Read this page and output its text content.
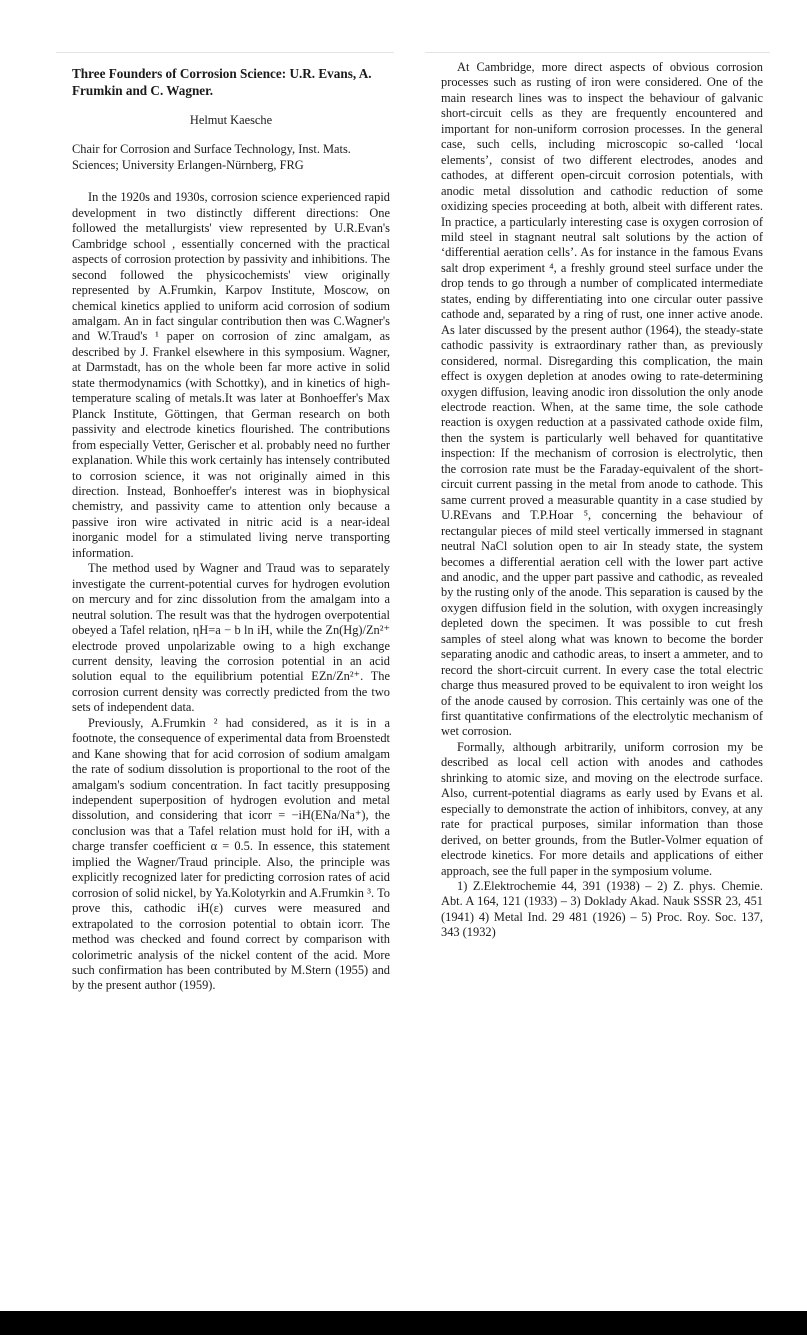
Three Founders of Corrosion Science: U.R. Evans, A. Frumkin and C. Wagner.
Helmut Kaesche
Chair for Corrosion and Surface Technology, Inst. Mats. Sciences; University Erlangen-Nürnberg, FRG

In the 1920s and 1930s, corrosion science experienced rapid development in two distinctly different directions: One followed the metallurgists' view represented by U.R.Evan's Cambridge school , essentially concerned with the practical aspects of corrosion protection by passivity and inhibitions. The second followed the physicochemists' view originally represented by A.Frumkin, Karpov Institute, Moscow, on chemical kinetics applied to uniform acid corrosion of sodium amalgam. An in fact singular contribution then was C.Wagner's and W.Traud's ¹ paper on corrosion of zinc amalgam, as described by J. Frankel elsewhere in this symposium. Wagner, at Darmstadt, has on the whole been far more active in solid state thermodynamics (with Schottky), and in kinetics of high-temperature scaling of metals.It was later at Bonhoeffer's Max Planck Institute, Göttingen, that German research on both passivity and electrode kinetics flourished. The contributions from especially Vetter, Gerischer et al. probably need no further explanation. While this work certainly has intensely contributed to corrosion science, it was not originally aimed in this direction. Instead, Bonhoeffer's interest was in biophysical chemistry, and passivity came to attention only because a passive iron wire activated in nitric acid is a near-ideal inorganic model for a stimulated living nerve transporting information.

The method used by Wagner and Traud was to separately investigate the current-potential curves for hydrogen evolution on mercury and for zinc dissolution from the amalgam into a neutral solution. The result was that the hydrogen overpotential obeyed a Tafel relation, ηH=a − b ln iH, while the Zn(Hg)/Zn²⁺ electrode proved unpolarizable owing to a high exchange current density, leaving the corrosion potential in an acid solution equal to the equilibrium potential EZn/Zn²⁺. The corrosion current density was correctly predicted from the two sets of independent data.

Previously, A.Frumkin ² had considered, as it is in a footnote, the consequence of experimental data from Broenstedt and Kane showing that for acid corrosion of sodium amalgam the rate of sodium dissolution is proportional to the root of the amalgam's sodium concentration. In fact tacitly presupposing independent superposition of hydrogen evolution and metal dissolution, and considering that icorr = −iH(ENa/Na⁺), the conclusion was that a Tafel relation must hold for iH, with a charge transfer coefficient α = 0.5. In essence, this statement implied the Wagner/Traud principle. Also, the principle was explicitly recognized later for predicting corrosion rates of acid corrosion of solid nickel, by Ya.Kolotyrkin and A.Frumkin ³. To prove this, cathodic iH(ε) curves were measured and extrapolated to the corrosion potential to obtain icorr. The method was checked and found correct by comparison with colorimetric analysis of the nickel content of the acid. More such confirmation has been contributed by M.Stern (1955) and by the present author (1959).

At Cambridge, more direct aspects of obvious corrosion processes such as rusting of iron were considered. One of the main research lines was to inspect the behaviour of galvanic short-circuit cells as they are frequently encountered and important for non-uniform corrosion processes. In the general case, such cells, including microscopic so-called ‘local elements’, consist of two different electrodes, anodes and cathodes, at different open-circuit corrosion potentials, with anodic metal dissolution and cathodic reduction of some oxidizing species proceeding at both, albeit with different rates. In practice, a particularly interesting case is oxygen corrosion of mild steel in stagnant neutral salt solutions by the action of ‘differential aeration cells’. As for instance in the famous Evans salt drop experiment ⁴, a freshly ground steel surface under the drop tends to go through a number of complicated intermediate states, ending by differentiating into one circular outer passive cathode and, separated by a ring of rust, one inner active anode. As later discussed by the present author (1964), the steady-state cathodic passivity is extraordinary rather than, as previously considered, normal. Disregarding this complication, the main effect is oxygen depletion at anodes owing to rate-determining oxygen diffusion, leaving anodic iron dissolution the only anode electrode reaction. When, at the same time, the sole cathode reaction is oxygen reduction at a passivated cathode oxide film, then the system is particularly well behaved for quantitative inspection: If the mechanism of corrosion is electrolytic, then the corrosion rate must be the Faraday-equivalent of the short-circuit current passing in the metal from anode to cathode. This same current proved a measurable quantity in a case studied by U.REvans and T.P.Hoar ⁵, concerning the behaviour of rectangular pieces of mild steel vertically immersed in stagnant neutral NaCl solution open to air In steady state, the system becomes a differential aeration cell with the lower part active and anodic, and the upper part passive and cathodic, as revealed by the rusting only of the anode. This separation is caused by the oxygen diffusion field in the solution, with oxygen increasingly depleted down the specimen. It was possible to cut fresh samples of steel along what was known to become the border separating anodic and cathodic areas, to insert a ammeter, and to record the short-circuit current. In every case the total electric charge thus measured proved to be equivalent to iron weight los of the anode caused by corrosion. This certainly was one of the first quantitative confirmations of the electrolytic mechanism of wet corrosion.

Formally, although arbitrarily, uniform corrosion my be described as local cell action with anodes and cathodes shrinking to atomic size, and moving on the electrode surface. Also, current-potential diagrams as early used by Evans et al. especially to demonstrate the action of inhibitors, convey, at any rate for practical purposes, similar information than those derived, on better grounds, from the Butler-Volmer equation of electrode kinetics. For more details and applications of either approach, see the full paper in the symposium volume.

1) Z.Elektrochemie 44, 391 (1938) – 2) Z. phys. Chemie. Abt. A 164, 121 (1933) – 3) Doklady Akad. Nauk SSSR 23, 451 (1941) 4) Metal Ind. 29 481 (1926) – 5) Proc. Roy. Soc. 137, 343 (1932)
